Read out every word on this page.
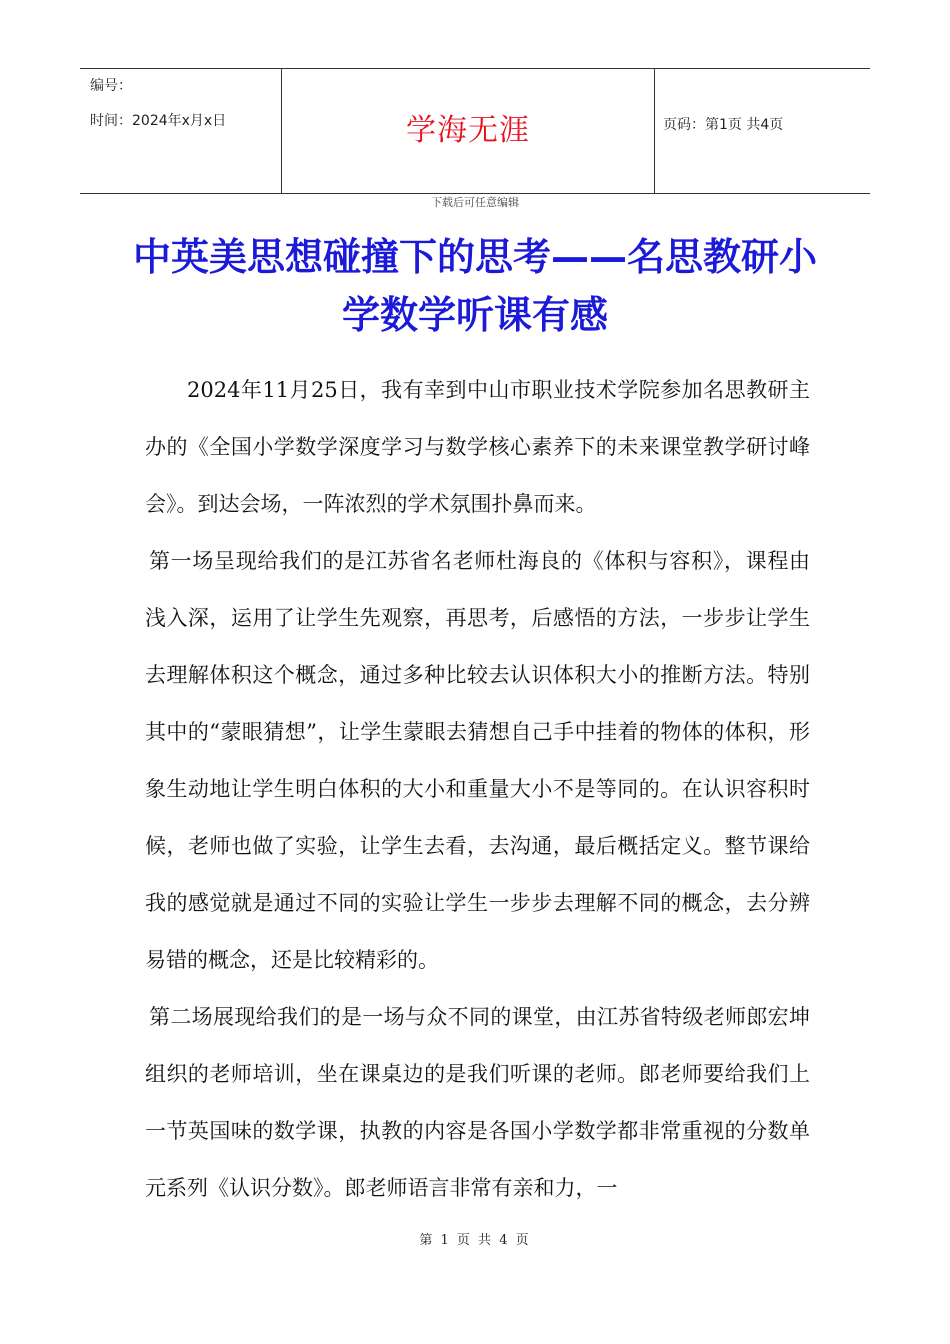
编号：
时间：2024年x月x日	学海无涯	页码：第1页 共4页
下载后可任意编辑
中英美思想碰撞下的思考——名思教研小学数学听课有感

2024年11月25日，我有幸到中山市职业技术学院参加名思教研主办的《全国小学数学深度学习与数学核心素养下的未来课堂教学研讨峰会》。到达会场，一阵浓烈的学术氛围扑鼻而来。

第一场呈现给我们的是江苏省名老师杜海良的《体积与容积》，课程由浅入深，运用了让学生先观察，再思考，后感悟的方法，一步步让学生去理解体积这个概念，通过多种比较去认识体积大小的推断方法。特别其中的“蒙眼猜想”，让学生蒙眼去猜想自己手中挂着的物体的体积，形象生动地让学生明白体积的大小和重量大小不是等同的。在认识容积时候，老师也做了实验，让学生去看，去沟通，最后概括定义。整节课给我的感觉就是通过不同的实验让学生一步步去理解不同的概念，去分辨易错的概念，还是比较精彩的。

第二场展现给我们的是一场与众不同的课堂，由江苏省特级老师郎宏坤组织的老师培训，坐在课桌边的是我们听课的老师。郎老师要给我们上一节英国味的数学课，执教的内容是各国小学数学都非常重视的分数单元系列《认识分数》。郎老师语言非常有亲和力，一

第 1 页 共 4 页
